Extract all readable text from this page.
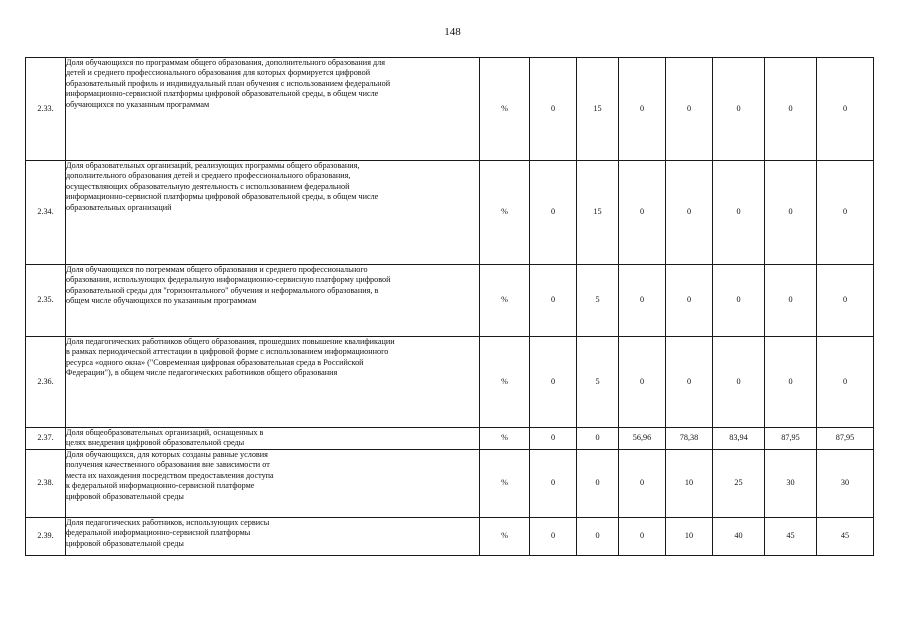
148
2.33.	Доля обучающихся по программам общего образования, дополнительного образования для
детей и среднего профессионального образования для которых формируется цифровой
образовательный профиль и индивидуальный план обучения с использованием федеральной
информационно-сервисной платформы цифровой образовательной среды, в общем числе
обучающихся по указанным программам	%	0	15	0	0	0	0	0
2.34.	Доля образовательных организаций, реализующих программы общего образования,
дополнительного образования детей и среднего профессионального образования,
осуществляющих образовательную деятельность с использованием федеральной
информационно-сервисной платформы цифровой образовательной среды, в общем числе
образовательных организаций	%	0	15	0	0	0	0	0
2.35.	Доля обучающихся по погреммам общего образования и среднего профессионального
образования, использующих федеральную информационно-сервисную платформу цифровой
образовательной среды для "горизонтального" обучения и неформального образования, в
общем числе обучающихся по указанным программам	%	0	5	0	0	0	0	0
2.36.	Доля педагогических работников общего образования, прошедших повышение квалификации
в рамках периодической аттестации в цифровой форме с использованием информационного
ресурса «одного окна» ("Современная цифровая образовательная среда в Российской
Федерации"), в общем числе педагогических работников общего образования	%	0	5	0	0	0	0	0
2.37.	Доля общеобразовательных организаций, оснащенных в
целях внедрения цифровой образовательной среды	%	0	0	56,96	78,38	83,94	87,95	87,95
2.38.	Доля обучающихся, для которых созданы равные условия
получения качественного образования вне зависимости от
места их нахождения посредством предоставления доступа
к федеральной информационно-сервисной платформе
цифровой образовательной среды	%	0	0	0	10	25	30	30
2.39.	Доля педагогических работников, использующих сервисы
федеральной информационно-сервисной платформы
цифровой образовательной среды	%	0	0	0	10	40	45	45
